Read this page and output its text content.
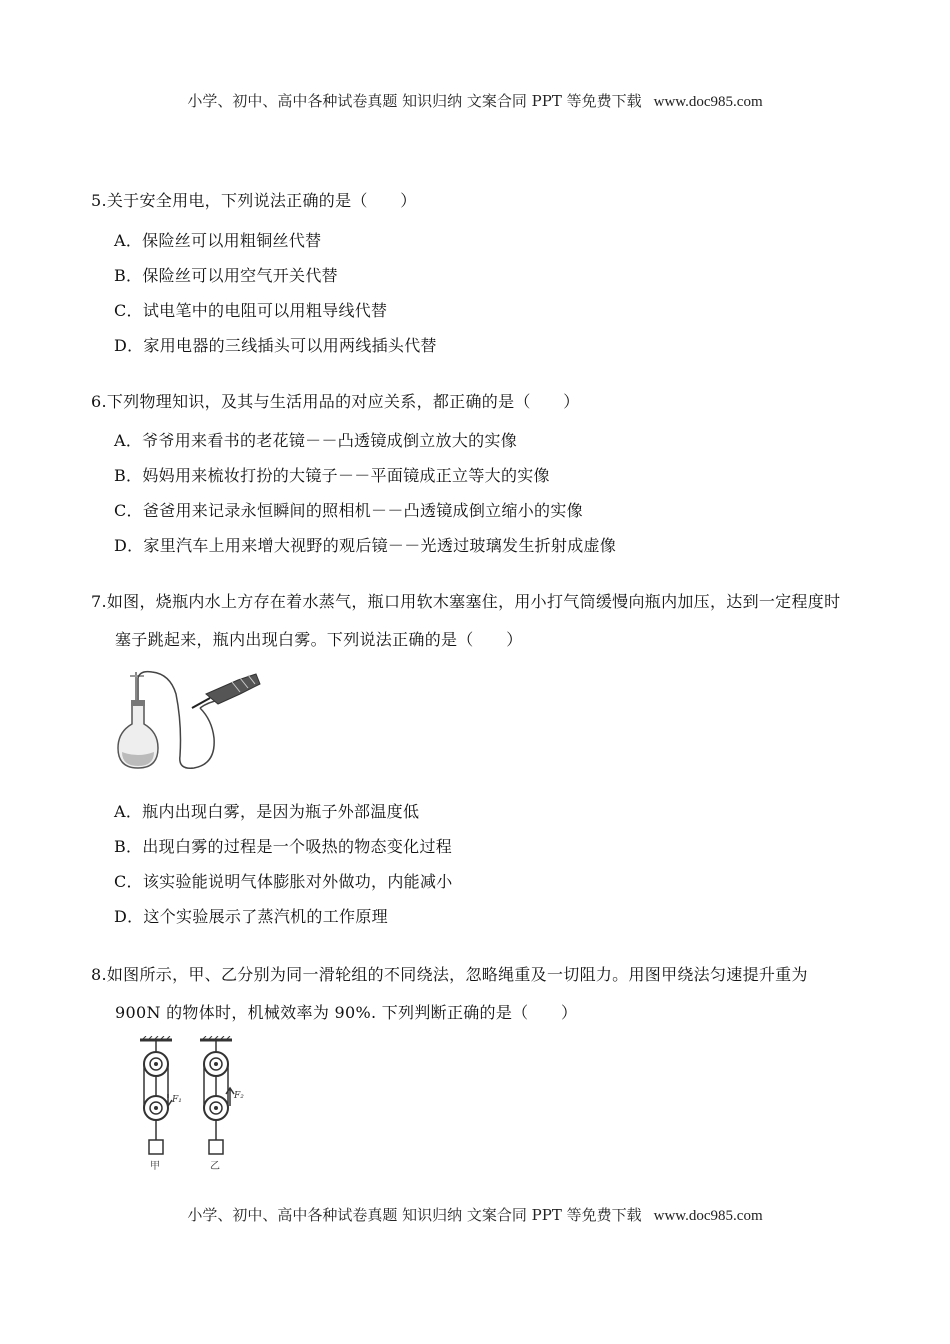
小学、初中、高中各种试卷真题 知识归纳 文案合同 PPT 等免费下载 www.doc985.com
5.关于安全用电，下列说法正确的是（　　）
A．保险丝可以用粗铜丝代替
B．保险丝可以用空气开关代替
C．试电笔中的电阻可以用粗导线代替
D．家用电器的三线插头可以用两线插头代替
6.下列物理知识，及其与生活用品的对应关系，都正确的是（　　）
A．爷爷用来看书的老花镜－－凸透镜成倒立放大的实像
B．妈妈用来梳妆打扮的大镜子－－平面镜成正立等大的实像
C．爸爸用来记录永恒瞬间的照相机－－凸透镜成倒立缩小的实像
D．家里汽车上用来增大视野的观后镜－－光透过玻璃发生折射成虚像
7.如图，烧瓶内水上方存在着水蒸气，瓶口用软木塞塞住，用小打气筒缓慢向瓶内加压，达到一定程度时
塞子跳起来，瓶内出现白雾。下列说法正确的是（　　）
A．瓶内出现白雾，是因为瓶子外部温度低
B．出现白雾的过程是一个吸热的物态变化过程
C．该实验能说明气体膨胀对外做功，内能减小
D．这个实验展示了蒸汽机的工作原理
8.如图所示，甲、乙分别为同一滑轮组的不同绕法，忽略绳重及一切阻力。用图甲绕法匀速提升重为
900N 的物体时，机械效率为 90%. 下列判断正确的是（　　）
F₁
甲
F₂
乙
小学、初中、高中各种试卷真题 知识归纳 文案合同 PPT 等免费下载 www.doc985.com
